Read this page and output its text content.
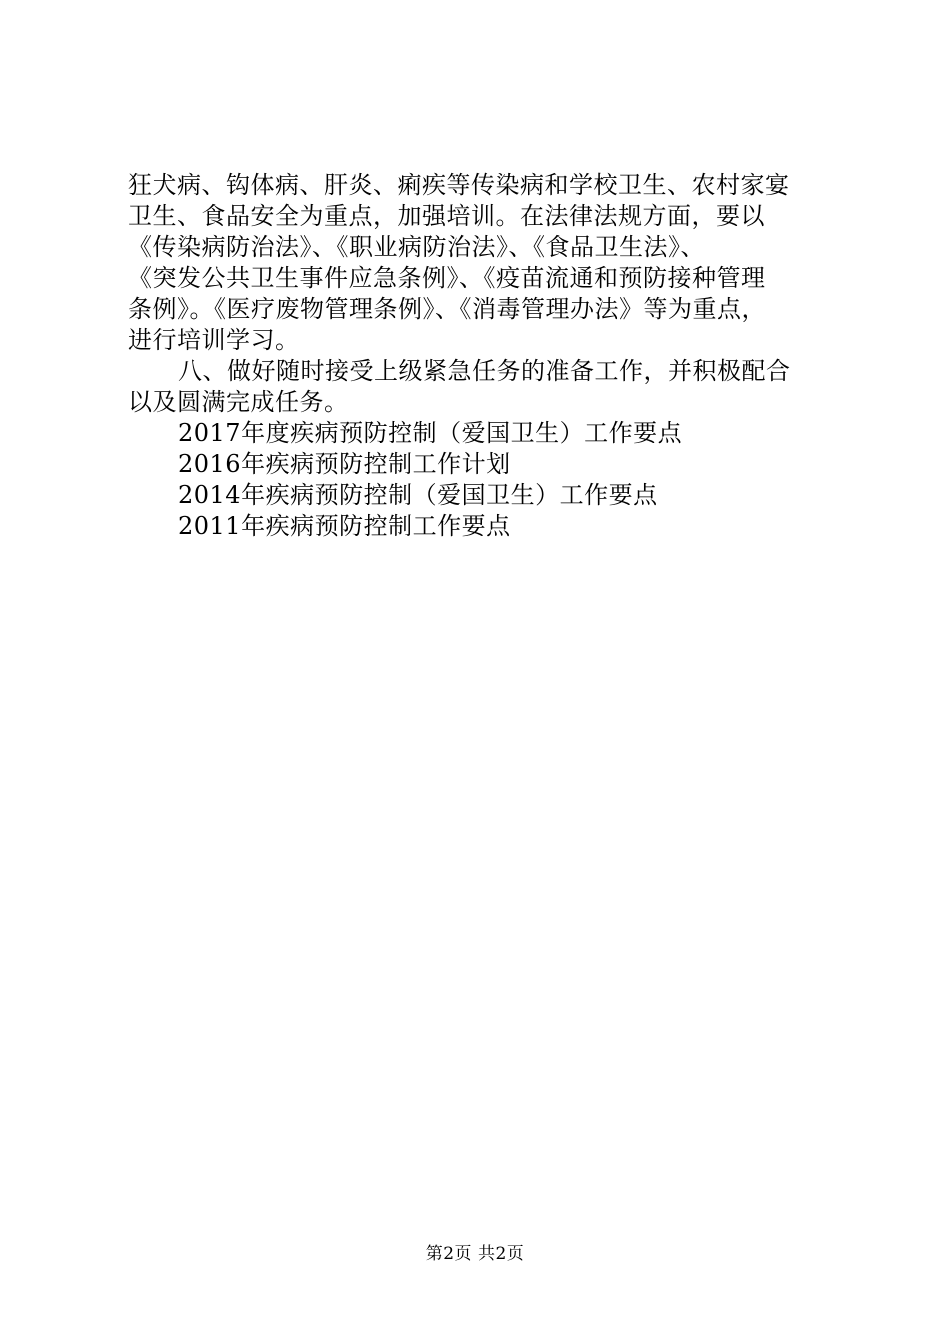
狂犬病、钩体病、肝炎、痢疾等传染病和学校卫生、农村家宴
卫生、食品安全为重点，加强培训。在法律法规方面，要以
《传染病防治法》、《职业病防治法》、《食品卫生法》、
《突发公共卫生事件应急条例》、《疫苗流通和预防接种管理
条例》。《医疗废物管理条例》、《消毒管理办法》等为重点，
进行培训学习。
八、做好随时接受上级紧急任务的准备工作，并积极配合
以及圆满完成任务。
2017年度疾病预防控制（爱国卫生）工作要点
2016年疾病预防控制工作计划
2014年疾病预防控制（爱国卫生）工作要点
2011年疾病预防控制工作要点
第2页 共2页
